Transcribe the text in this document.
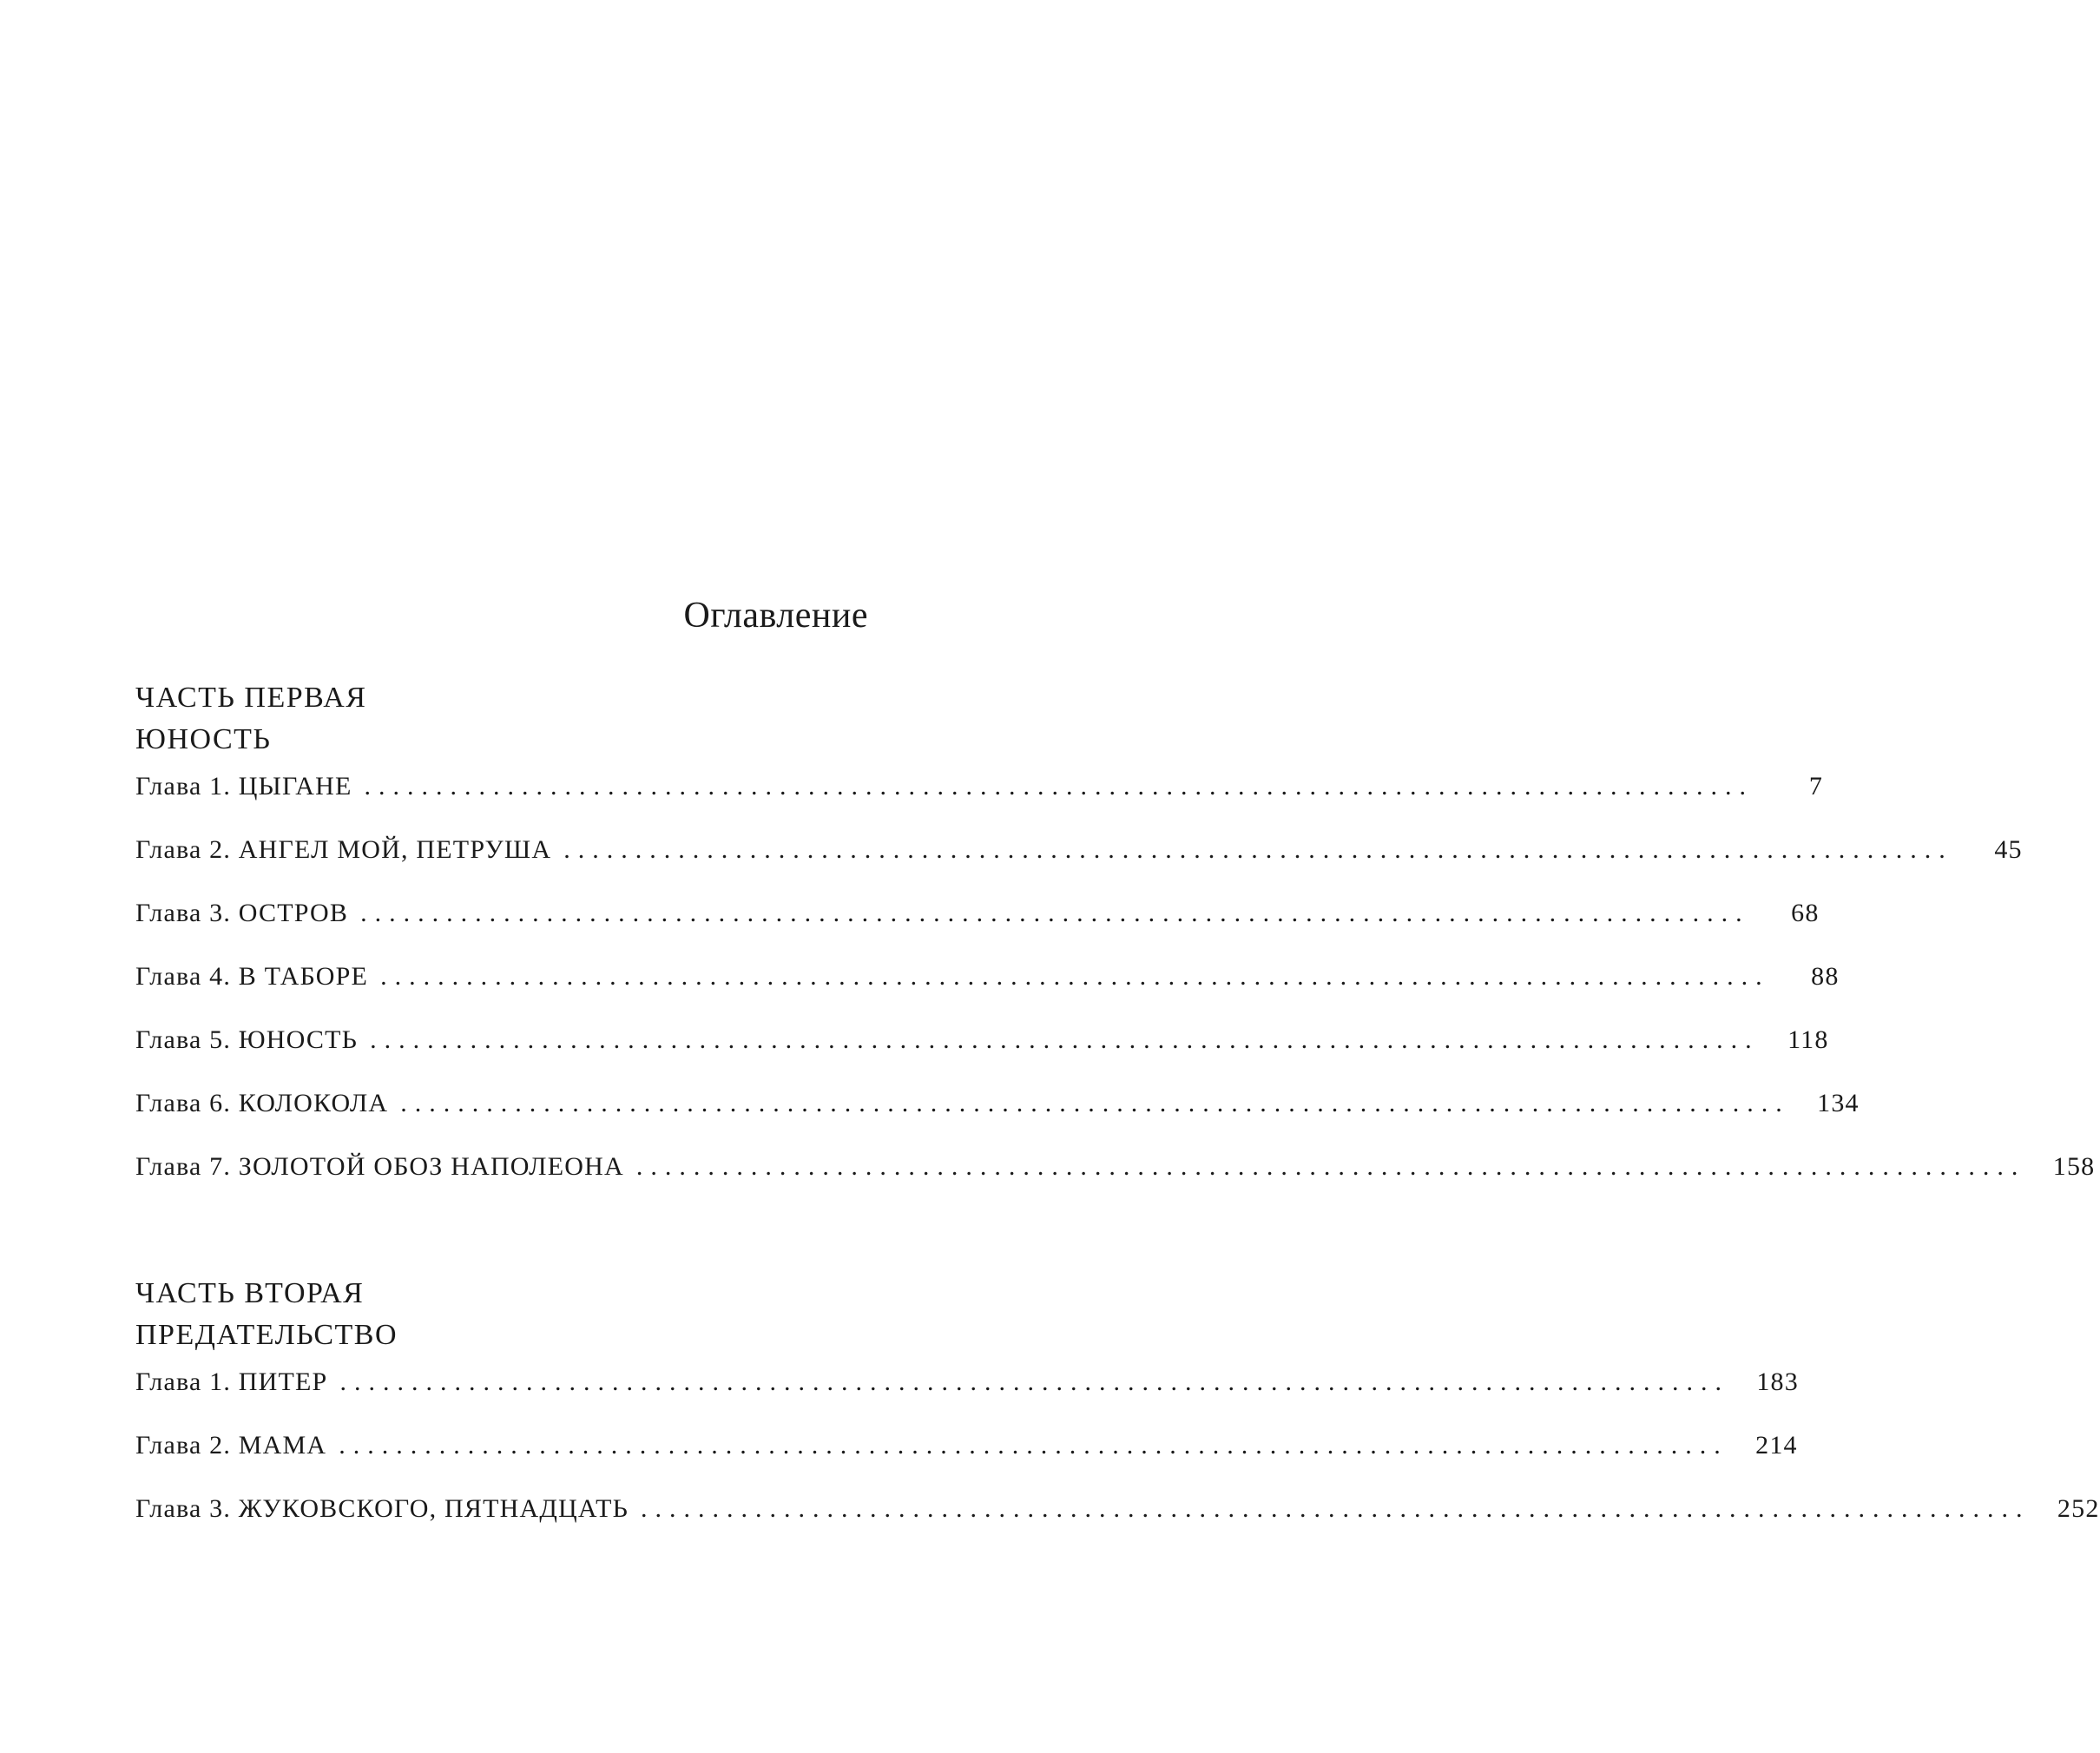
Оглавление
ЧАСТЬ ПЕРВАЯ
ЮНОСТЬ
Глава 1. ЦЫГАНЕ .................................................................................................	7
Глава 2. АНГЕЛ МОЙ, ПЕТРУША .................................................................................................	45
Глава 3. ОСТРОВ .................................................................................................	68
Глава 4. В ТАБОРЕ .................................................................................................	88
Глава 5. ЮНОСТЬ .................................................................................................	118
Глава 6. КОЛОКОЛА .................................................................................................	134
Глава 7. ЗОЛОТОЙ ОБОЗ НАПОЛЕОНА .................................................................................................	158
ЧАСТЬ ВТОРАЯ
ПРЕДАТЕЛЬСТВО
Глава 1. ПИТЕР .................................................................................................	183
Глава 2. МАМА .................................................................................................	214
Глава 3. ЖУКОВСКОГО, ПЯТНАДЦАТЬ .................................................................................................	252
